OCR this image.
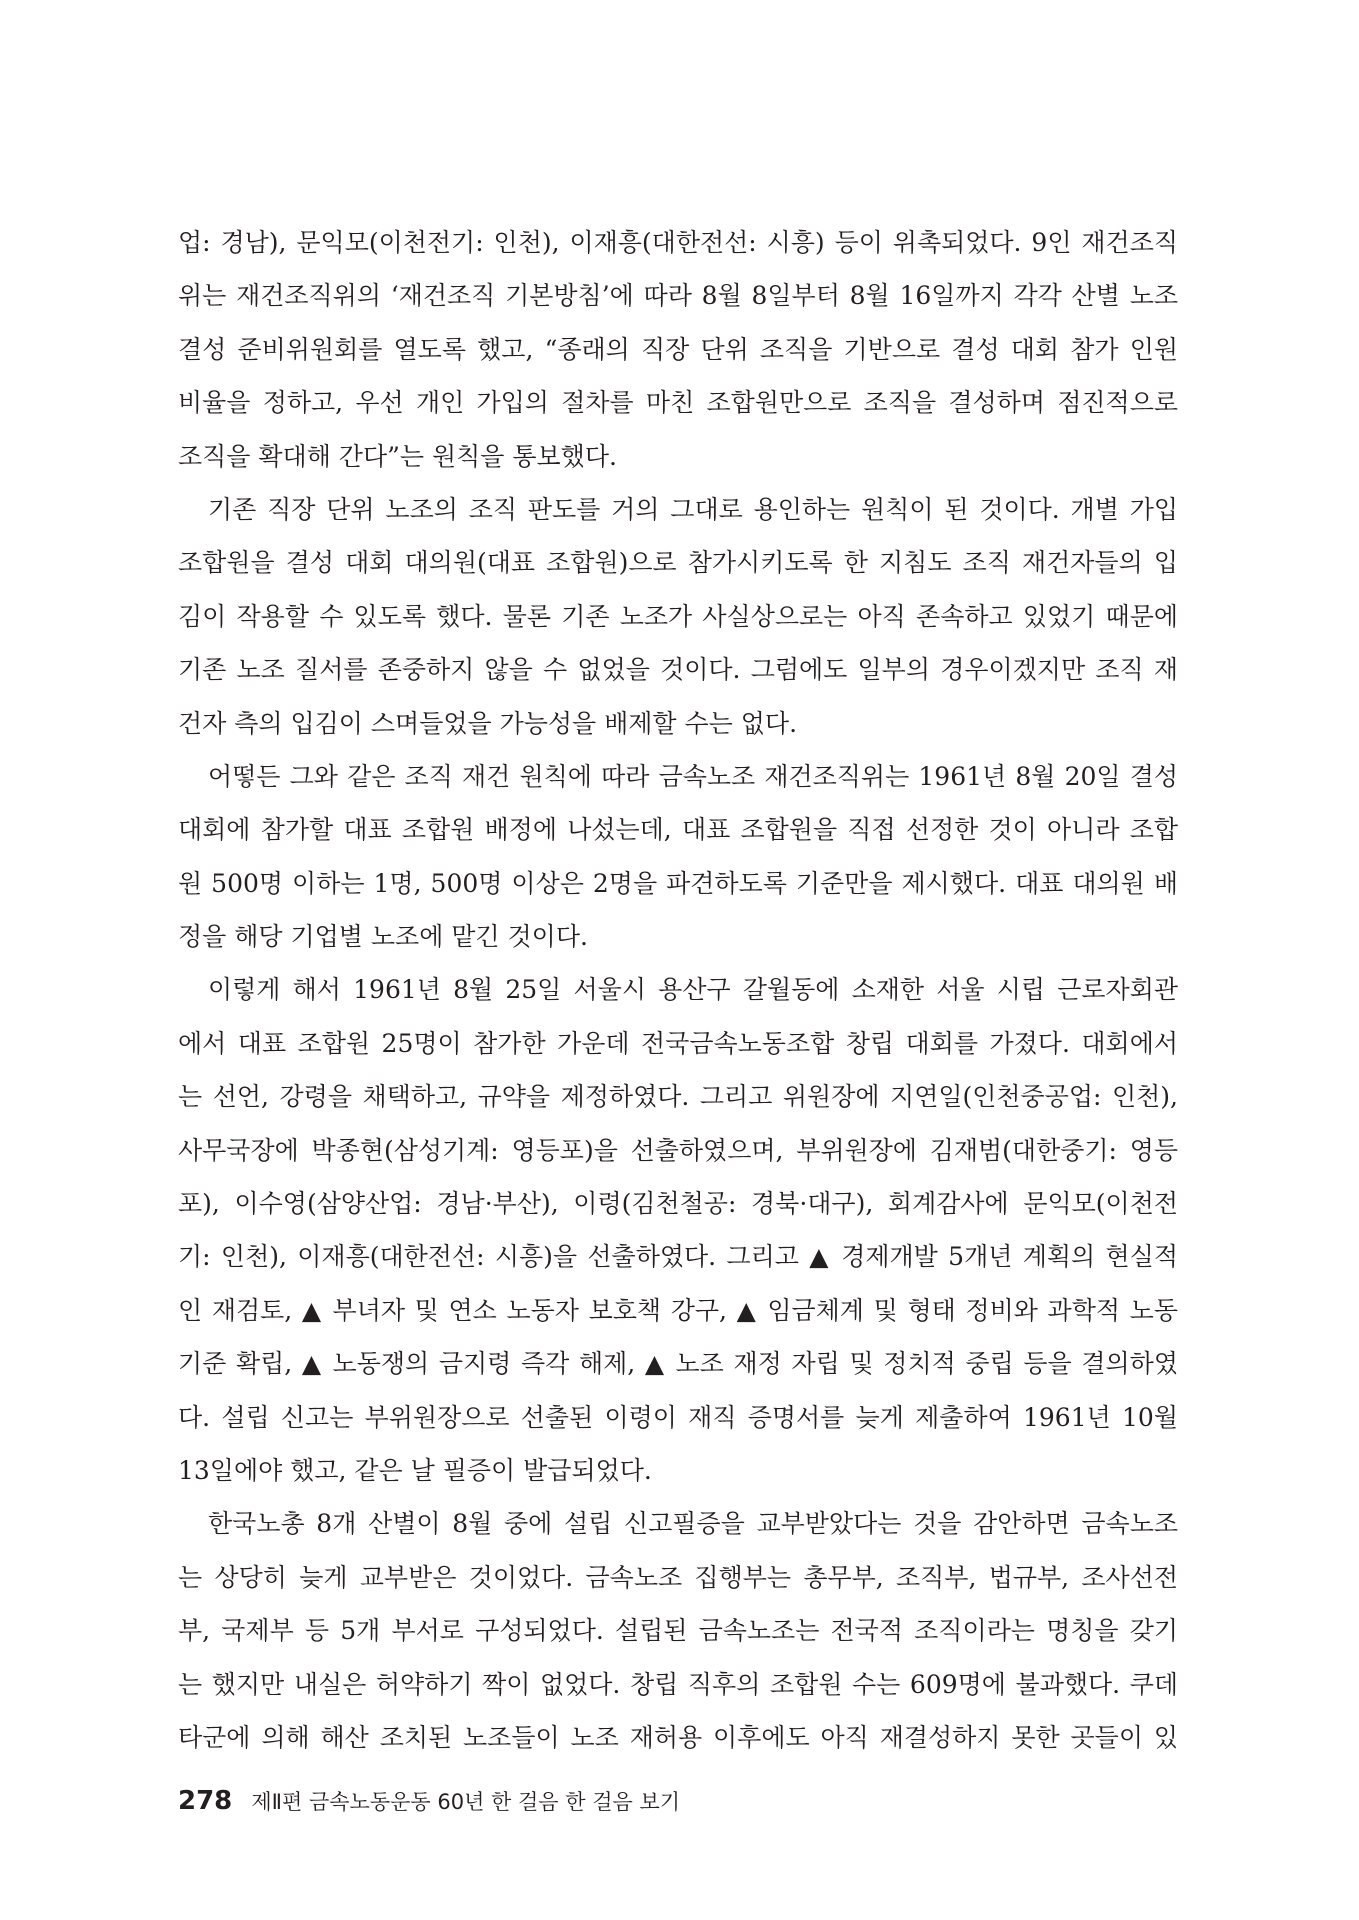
업: 경남), 문익모(이천전기: 인천), 이재흥(대한전선: 시흥) 등이 위촉되었다. 9인 재건조직
위는 재건조직위의 ‘재건조직 기본방침’에 따라 8월 8일부터 8월 16일까지 각각 산별 노조
결성 준비위원회를 열도록 했고, “종래의 직장 단위 조직을 기반으로 결성 대회 참가 인원
비율을 정하고, 우선 개인 가입의 절차를 마친 조합원만으로 조직을 결성하며 점진적으로
조직을 확대해 간다”는 원칙을 통보했다.
기존 직장 단위 노조의 조직 판도를 거의 그대로 용인하는 원칙이 된 것이다. 개별 가입
조합원을 결성 대회 대의원(대표 조합원)으로 참가시키도록 한 지침도 조직 재건자들의 입
김이 작용할 수 있도록 했다. 물론 기존 노조가 사실상으로는 아직 존속하고 있었기 때문에
기존 노조 질서를 존중하지 않을 수 없었을 것이다. 그럼에도 일부의 경우이겠지만 조직 재
건자 측의 입김이 스며들었을 가능성을 배제할 수는 없다.
어떻든 그와 같은 조직 재건 원칙에 따라 금속노조 재건조직위는 1961년 8월 20일 결성
대회에 참가할 대표 조합원 배정에 나섰는데, 대표 조합원을 직접 선정한 것이 아니라 조합
원 500명 이하는 1명, 500명 이상은 2명을 파견하도록 기준만을 제시했다. 대표 대의원 배
정을 해당 기업별 노조에 맡긴 것이다.
이렇게 해서 1961년 8월 25일 서울시 용산구 갈월동에 소재한 서울 시립 근로자회관
에서 대표 조합원 25명이 참가한 가운데 전국금속노동조합 창립 대회를 가졌다. 대회에서
는 선언, 강령을 채택하고, 규약을 제정하였다. 그리고 위원장에 지연일(인천중공업: 인천),
사무국장에 박종현(삼성기계: 영등포)을 선출하였으며, 부위원장에 김재범(대한중기: 영등
포), 이수영(삼양산업: 경남·부산), 이령(김천철공: 경북·대구), 회계감사에 문익모(이천전
기: 인천), 이재흥(대한전선: 시흥)을 선출하였다. 그리고 ▲ 경제개발 5개년 계획의 현실적
인 재검토, ▲ 부녀자 및 연소 노동자 보호책 강구, ▲ 임금체계 및 형태 정비와 과학적 노동
기준 확립, ▲ 노동쟁의 금지령 즉각 해제, ▲ 노조 재정 자립 및 정치적 중립 등을 결의하였
다. 설립 신고는 부위원장으로 선출된 이령이 재직 증명서를 늦게 제출하여 1961년 10월
13일에야 했고, 같은 날 필증이 발급되었다.
한국노총 8개 산별이 8월 중에 설립 신고필증을 교부받았다는 것을 감안하면 금속노조
는 상당히 늦게 교부받은 것이었다. 금속노조 집행부는 총무부, 조직부, 법규부, 조사선전
부, 국제부 등 5개 부서로 구성되었다. 설립된 금속노조는 전국적 조직이라는 명칭을 갖기
는 했지만 내실은 허약하기 짝이 없었다. 창립 직후의 조합원 수는 609명에 불과했다. 쿠데
타군에 의해 해산 조치된 노조들이 노조 재허용 이후에도 아직 재결성하지 못한 곳들이 있
278 제Ⅱ편 금속노동운동 60년 한 걸음 한 걸음 보기
